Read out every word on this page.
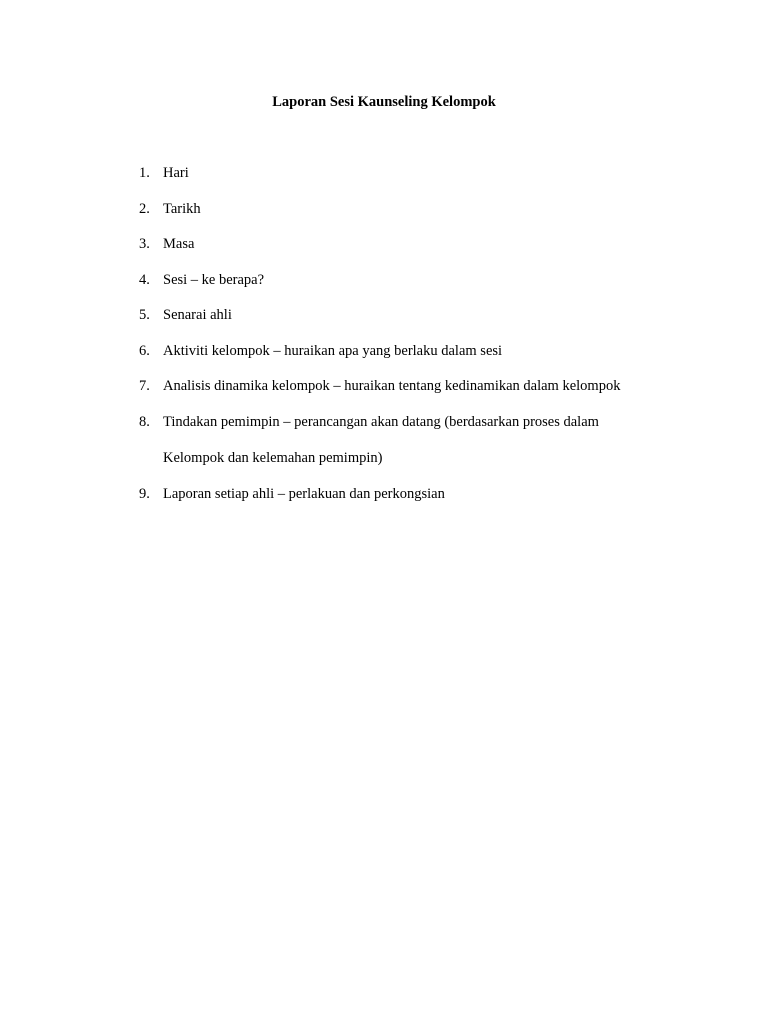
Laporan Sesi Kaunseling Kelompok
1. Hari
2. Tarikh
3. Masa
4. Sesi – ke berapa?
5. Senarai ahli
6. Aktiviti kelompok – huraikan apa yang berlaku dalam sesi
7. Analisis dinamika kelompok – huraikan tentang kedinamikan dalam kelompok
8. Tindakan pemimpin – perancangan akan datang (berdasarkan proses dalam
Kelompok dan kelemahan pemimpin)
9. Laporan setiap ahli – perlakuan dan perkongsian
